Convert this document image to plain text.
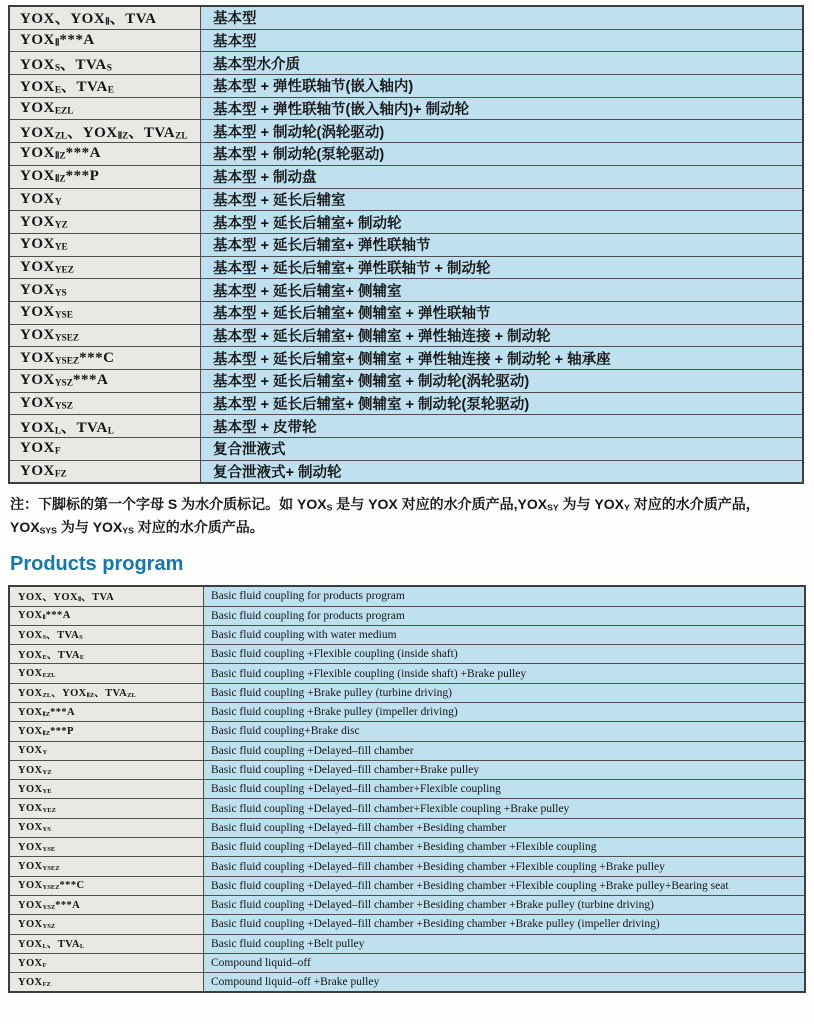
YOX、$YOX_Ⅱ$、TVA	基本型
$YOX_Ⅱ***A$	基本型
$YOX_S$、$TVA_S$	基本型水介质
$YOX_E$、$TVA_E$	基本型 + 弹性联轴节(嵌入轴内)
$YOX_{EZL}$	基本型 + 弹性联轴节(嵌入轴内)+ 制动轮
$YOX_{ZL}$、$YOX_{ⅡZ}$、$TVA_{ZL}$	基本型 + 制动轮(涡轮驱动)
$YOX_{ⅡZ}***A$	基本型 + 制动轮(泵轮驱动)
$YOX_{ⅡZ}***P$	基本型 + 制动盘
$YOX_Y$	基本型 + 延长后辅室
$YOX_{YZ}$	基本型 + 延长后辅室+ 制动轮
$YOX_{YE}$	基本型 + 延长后辅室+ 弹性联轴节
$YOX_{YEZ}$	基本型 + 延长后辅室+ 弹性联轴节 + 制动轮
$YOX_{YS}$	基本型 + 延长后辅室+ 侧辅室
$YOX_{YSE}$	基本型 + 延长后辅室+ 侧辅室 + 弹性联轴节
$YOX_{YSEZ}$	基本型 + 延长后辅室+ 侧辅室 + 弹性轴连接 + 制动轮
$YOX_{YSEZ}***C$	基本型 + 延长后辅室+ 侧辅室 + 弹性轴连接 + 制动轮 + 轴承座
$YOX_{YSZ}***A$	基本型 + 延长后辅室+ 侧辅室 + 制动轮(涡轮驱动)
$YOX_{YSZ}$	基本型 + 延长后辅室+ 侧辅室 + 制动轮(泵轮驱动)
$YOX_L$、$TVA_L$	基本型 + 皮带轮
$YOX_F$	复合泄液式
$YOX_{FZ}$	复合泄液式+ 制动轮

注：下脚标的第一个字母 S 为水介质标记。如 $YOX_S$ 是与 YOX 对应的水介质产品$,YOX_{SY}$ 为与 $YOX_Y$ 对应的水介质产品，$YOX_{SYS}$ 为与 $YOX_{YS}$ 对应的水介质产品。

Products program
YOX、$YOX_Ⅱ$、TVA	Basic fluid coupling for products program
$YOX_Ⅱ***A$	Basic fluid coupling for products program
$YOX_S$、$TVA_S$	Basic fluid coupling with water medium
$YOX_E$、$TVA_E$	Basic fluid coupling +Flexible coupling (inside shaft)
$YOX_{EZL}$	Basic fluid coupling +Flexible coupling (inside shaft) +Brake pulley
$YOX_{ZL}$、$YOX_{ⅡZ}$、$TVA_{ZL}$	Basic fluid coupling +Brake pulley (turbine driving)
$YOX_{ⅡZ}***A$	Basic fluid coupling +Brake pulley (impeller driving)
$YOX_{ⅡZ}***P$	Basic fluid coupling+Brake disc
$YOX_Y$	Basic fluid coupling +Delayed–fill chamber
$YOX_{YZ}$	Basic fluid coupling +Delayed–fill chamber+Brake pulley
$YOX_{YE}$	Basic fluid coupling +Delayed–fill chamber+Flexible coupling
$YOX_{YEZ}$	Basic fluid coupling +Delayed–fill chamber+Flexible coupling +Brake pulley
$YOX_{YS}$	Basic fluid coupling +Delayed–fill chamber +Besiding chamber
$YOX_{YSE}$	Basic fluid coupling +Delayed–fill chamber +Besiding chamber +Flexible coupling
$YOX_{YSEZ}$	Basic fluid coupling +Delayed–fill chamber +Besiding chamber +Flexible coupling +Brake pulley
$YOX_{YSEZ}***C$	Basic fluid coupling +Delayed–fill chamber +Besiding chamber +Flexible coupling +Brake pulley+Bearing seat
$YOX_{YSZ}***A$	Basic fluid coupling +Delayed–fill chamber +Besiding chamber +Brake pulley (turbine driving)
$YOX_{YSZ}$	Basic fluid coupling +Delayed–fill chamber +Besiding chamber +Brake pulley (impeller driving)
$YOX_L$、$TVA_L$	Basic fluid coupling +Belt pulley
$YOX_F$	Compound liquid–off
$YOX_{FZ}$	Compound liquid–off +Brake pulley
